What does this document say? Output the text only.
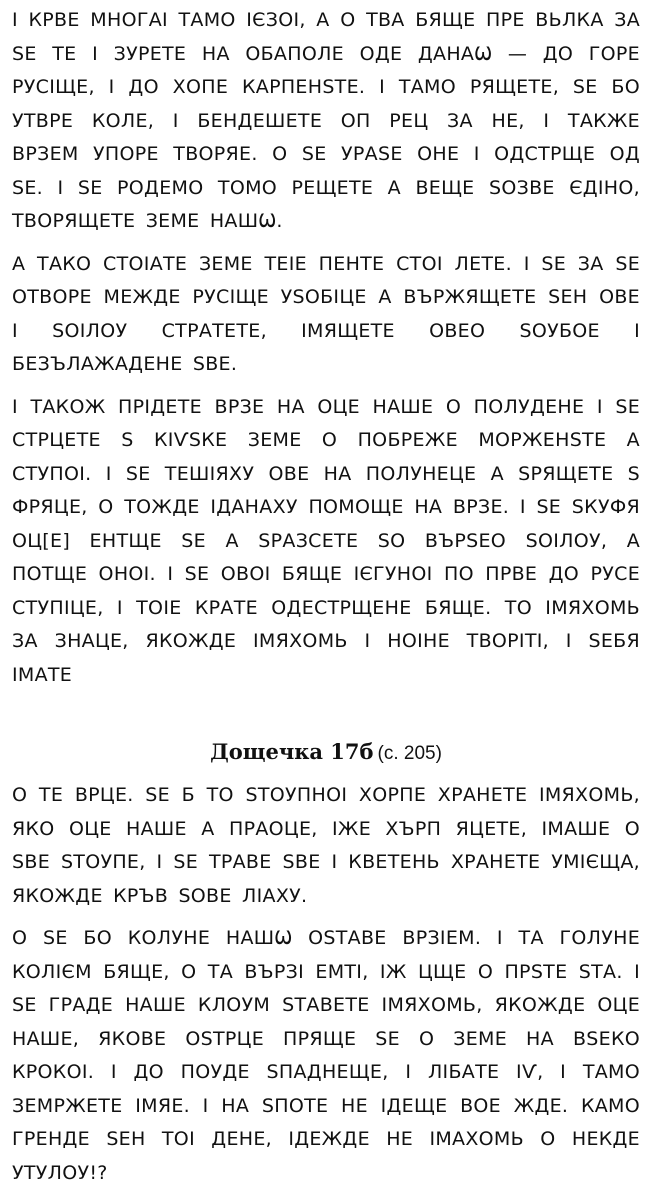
І КРВЕ МНОГАІ ТАМО ІЄЗОІ, А О ТВА БЯЩЕ ПРЕ ВЬЛКА ЗА ЅЕ ТЕ І ЗУРЕТЕ НА ОБАПОЛЕ ОДЕ ДАНАѠ — ДО ГОРЕ РУСІЩЕ, І ДО ХОПЕ КАРПЕНЅТЕ. І ТАМО РЯЩЕТЕ, ЅЕ БО УТВРЕ КОЛЕ, І БЕНДЕШЕТЕ ОП РЕЦ ЗА НЕ, І ТАКЖЕ ВРЗЕМ УПОРЕ ТВОРЯЕ. О ЅЕ УРАЅЕ ОНЕ І ОДСТРЩЕ ОД ЅЕ. І ЅЕ РОДЕМО ТОМО РЕЩЕТЕ А ВЕЩЕ ЅОЗВЕ ЄДІНО, ТВОРЯЩЕТЕ ЗЕМЕ НАШѠ.

А ТАКО СТОІАТЕ ЗЕМЕ ТЕІЕ ПЕНТЕ СТОІ ЛЕТЕ. І ЅЕ ЗА ЅЕ ОТВОРЕ МЕЖДЕ РУСІЩЕ УЅОБІЦЕ А ВЪРЖЯЩЕТЕ ЅЕН ОВЕ І ЅОІЛОУ СТРАТЕТЕ, ІМЯЩЕТЕ ОВЕО ЅОУБОЕ І БЕЗЪЛАЖАДЕНЕ ЅВЕ.

І ТАКОЖ ПРІДЕТЕ ВРЗЕ НА ОЦЕ НАШЕ О ПОЛУДЕНЕ І ЅЕ СТРЦЕТЕ Ѕ КІѴЅКЕ ЗЕМЕ О ПОБРЕЖЕ МОРЖЕНЅТЕ А СТУПОІ. І ЅЕ ТЕШІЯХУ ОВЕ НА ПОЛУНЕЦЕ А ЅРЯЩЕТЕ Ѕ ФРЯЦЕ, О ТОЖДЕ ІДАНАХУ ПОМОЩЕ НА ВРЗЕ. І ЅЕ ЅКУФЯ ОЦ[Е] ЕНТЩЕ ЅЕ А ЅРАЗСЕТЕ ЅО ВЪРЅЕО ЅОІЛОУ, А ПОТЩЕ ОНОІ. І ЅЕ ОВОІ БЯЩЕ ІЄГУНОІ ПО ПРВЕ ДО РУСЕ СТУПІЦЕ, І ТОІЕ КРАТЕ ОДЕСТРЩЕНЕ БЯЩЕ. ТО ІМЯХОМЬ ЗА ЗНАЦЕ, ЯКОЖДЕ ІМЯХОМЬ І НОІНЕ ТВОРІТІ, І ЅЕБЯ ІМАТЕ

Дощечка 17б (с. 205)

О ТЕ ВРЦЕ. ЅЕ Б ТО ЅТОУПНОІ ХОРПЕ ХРАНЕТЕ ІМЯХОМЬ, ЯКО ОЦЕ НАШЕ А ПРАОЦЕ, ІЖЕ ХЪРП ЯЦЕТЕ, ІМАШЕ О ЅВЕ ЅТОУПЕ, І ЅЕ ТРАВЕ ЅВЕ І КВЕТЕНЬ ХРАНЕТЕ УМІЄЩА, ЯКОЖДЕ КРЪВ ЅОВЕ ЛІАХУ.

О ЅЕ БО КОЛУНЕ НАШѠ ОЅТАВЕ ВРЗІЕМ. І ТА ГОЛУНЕ КОЛІЄМ БЯЩЕ, О ТА ВЪРЗІ ЕМТІ, ІЖ ЦЩЕ О ПРЅТЕ ЅТА. І ЅЕ ГРАДЕ НАШЕ КЛОУМ ЅТАВЕТЕ ІМЯХОМЬ, ЯКОЖДЕ ОЦЕ НАШЕ, ЯКОВЕ ОЅТРЦЕ ПРЯЩЕ ЅЕ О ЗЕМЕ НА ВЅЕКО КРОКОІ. І ДО ПОУДЕ ЅПАДНЕЩЕ, І ЛІБАТЕ ІѴ, І ТАМО ЗЕМРЖЕТЕ ІМЯЕ. І НА ЅПОТЕ НЕ ІДЕЩЕ ВОЕ ЖДЕ. КАМО ГРЕНДЕ ЅЕН ТОІ ДЕНЕ, ІДЕЖДЕ НЕ ІМАХОМЬ О НЕКДЕ УТУЛОУ!?
